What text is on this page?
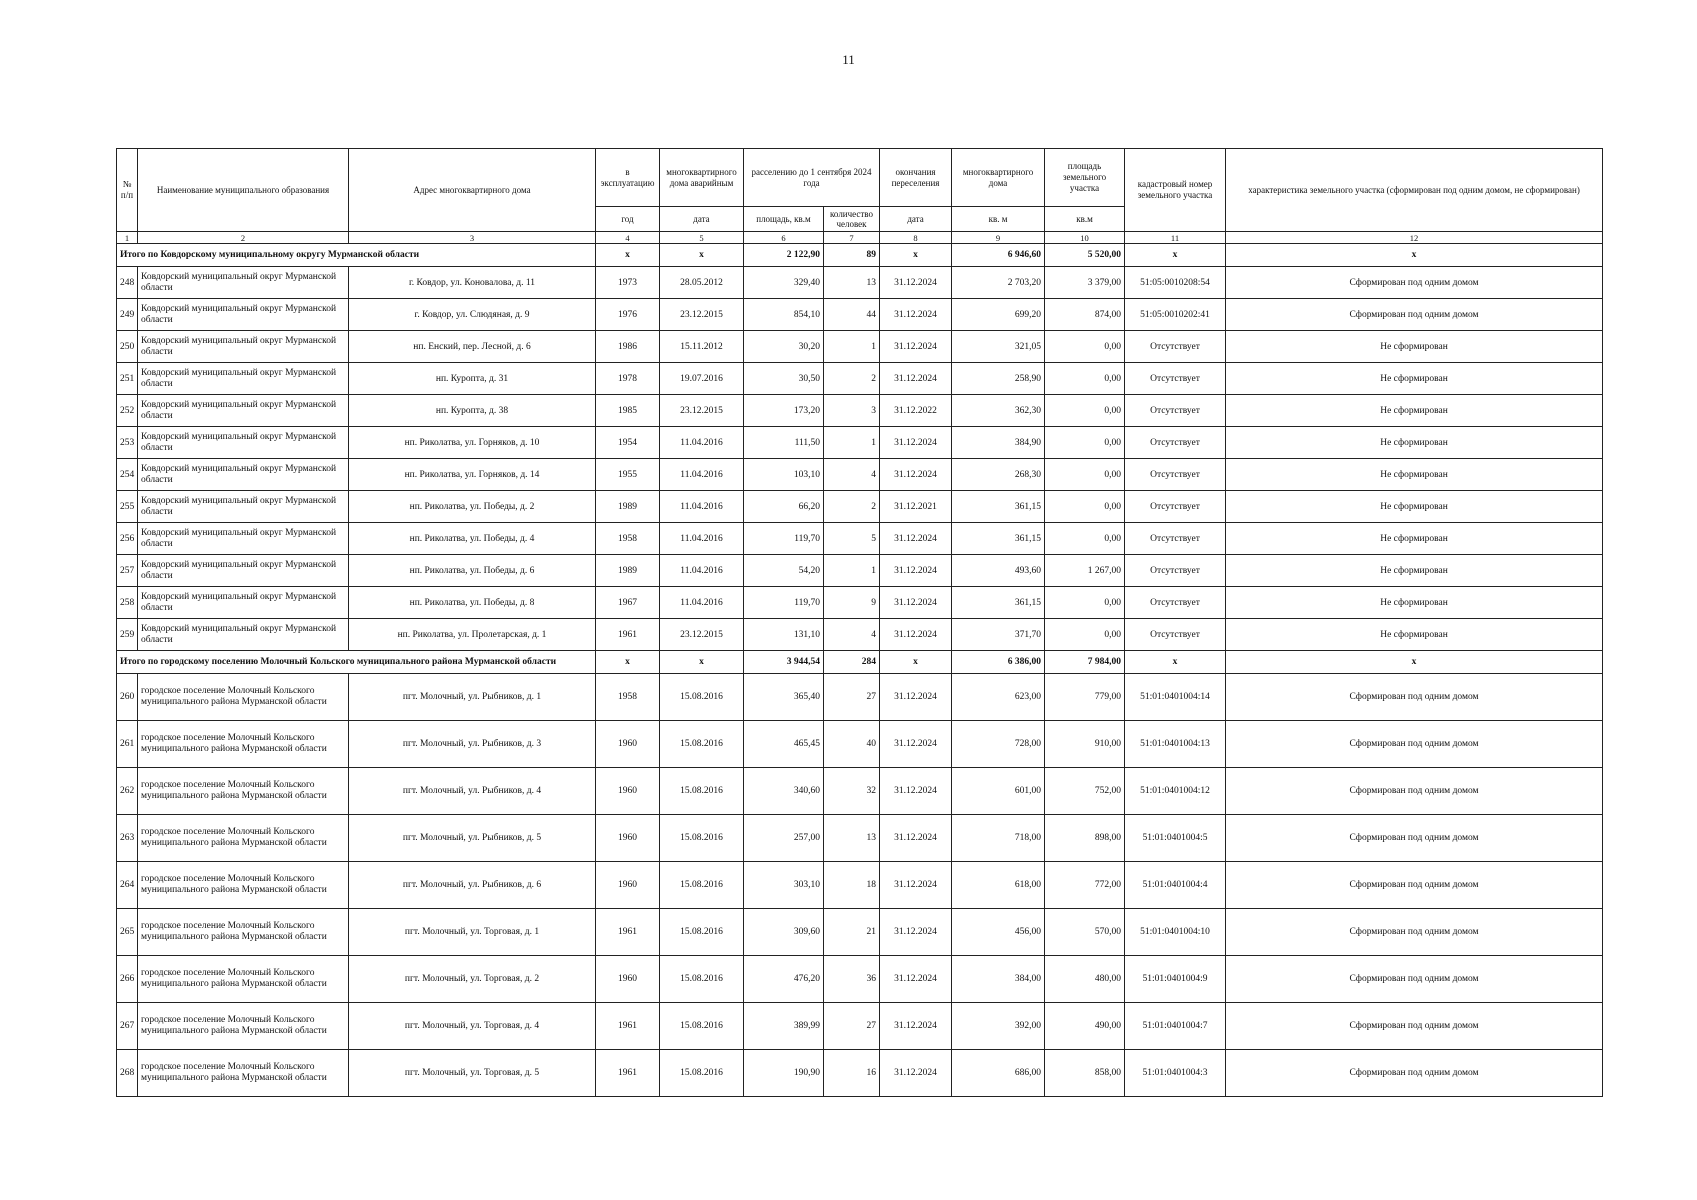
11
№ п/п	Наименование муниципального образования	Адрес многоквартирного дома	в эксплуатацию	многоквартирного дома аварийным	расселению до 1 сентября 2024 года		окончания переселения	многоквартирного дома	площадь земельного участка	кадастровый номер земельного участка	характеристика земельного участка (сформирован под одним домом, не сформирован)
			год	дата	площадь, кв.м	количество человек	дата	кв. м	кв.м		
1	2	3	4	5	6	7	8	9	10	11	12
Итого по Ковдорскому муниципальному округу Мурманской области			x	x	2 122,90	89	x	6 946,60	5 520,00	x	x
248	Ковдорский муниципальный округ Мурманской области	г. Ковдор, ул. Коновалова, д. 11	1973	28.05.2012	329,40	13	31.12.2024	2 703,20	3 379,00	51:05:0010208:54	Сформирован под одним домом
249	Ковдорский муниципальный округ Мурманской области	г. Ковдор, ул. Слюдяная, д. 9	1976	23.12.2015	854,10	44	31.12.2024	699,20	874,00	51:05:0010202:41	Сформирован под одним домом
250	Ковдорский муниципальный округ Мурманской области	нп. Енский, пер. Лесной, д. 6	1986	15.11.2012	30,20	1	31.12.2024	321,05	0,00	Отсутствует	Не сформирован
251	Ковдорский муниципальный округ Мурманской области	нп. Куропта, д. 31	1978	19.07.2016	30,50	2	31.12.2024	258,90	0,00	Отсутствует	Не сформирован
252	Ковдорский муниципальный округ Мурманской области	нп. Куропта, д. 38	1985	23.12.2015	173,20	3	31.12.2022	362,30	0,00	Отсутствует	Не сформирован
253	Ковдорский муниципальный округ Мурманской области	нп. Риколатва, ул. Горняков, д. 10	1954	11.04.2016	111,50	1	31.12.2024	384,90	0,00	Отсутствует	Не сформирован
254	Ковдорский муниципальный округ Мурманской области	нп. Риколатва, ул. Горняков, д. 14	1955	11.04.2016	103,10	4	31.12.2024	268,30	0,00	Отсутствует	Не сформирован
255	Ковдорский муниципальный округ Мурманской области	нп. Риколатва, ул. Победы, д. 2	1989	11.04.2016	66,20	2	31.12.2021	361,15	0,00	Отсутствует	Не сформирован
256	Ковдорский муниципальный округ Мурманской области	нп. Риколатва, ул. Победы, д. 4	1958	11.04.2016	119,70	5	31.12.2024	361,15	0,00	Отсутствует	Не сформирован
257	Ковдорский муниципальный округ Мурманской области	нп. Риколатва, ул. Победы, д. 6	1989	11.04.2016	54,20	1	31.12.2024	493,60	1 267,00	Отсутствует	Не сформирован
258	Ковдорский муниципальный округ Мурманской области	нп. Риколатва, ул. Победы, д. 8	1967	11.04.2016	119,70	9	31.12.2024	361,15	0,00	Отсутствует	Не сформирован
259	Ковдорский муниципальный округ Мурманской области	нп. Риколатва, ул. Пролетарская, д. 1	1961	23.12.2015	131,10	4	31.12.2024	371,70	0,00	Отсутствует	Не сформирован
Итого по городскому поселению Молочный Кольского муниципального района Мурманской области			x	x	3 944,54	284	x	6 386,00	7 984,00	x	x
260	городское поселение Молочный Кольского муниципального района Мурманской области	пгт. Молочный, ул. Рыбников, д. 1	1958	15.08.2016	365,40	27	31.12.2024	623,00	779,00	51:01:0401004:14	Сформирован под одним домом
261	городское поселение Молочный Кольского муниципального района Мурманской области	пгт. Молочный, ул. Рыбников, д. 3	1960	15.08.2016	465,45	40	31.12.2024	728,00	910,00	51:01:0401004:13	Сформирован под одним домом
262	городское поселение Молочный Кольского муниципального района Мурманской области	пгт. Молочный, ул. Рыбников, д. 4	1960	15.08.2016	340,60	32	31.12.2024	601,00	752,00	51:01:0401004:12	Сформирован под одним домом
263	городское поселение Молочный Кольского муниципального района Мурманской области	пгт. Молочный, ул. Рыбников, д. 5	1960	15.08.2016	257,00	13	31.12.2024	718,00	898,00	51:01:0401004:5	Сформирован под одним домом
264	городское поселение Молочный Кольского муниципального района Мурманской области	пгт. Молочный, ул. Рыбников, д. 6	1960	15.08.2016	303,10	18	31.12.2024	618,00	772,00	51:01:0401004:4	Сформирован под одним домом
265	городское поселение Молочный Кольского муниципального района Мурманской области	пгт. Молочный, ул. Торговая, д. 1	1961	15.08.2016	309,60	21	31.12.2024	456,00	570,00	51:01:0401004:10	Сформирован под одним домом
266	городское поселение Молочный Кольского муниципального района Мурманской области	пгт. Молочный, ул. Торговая, д. 2	1960	15.08.2016	476,20	36	31.12.2024	384,00	480,00	51:01:0401004:9	Сформирован под одним домом
267	городское поселение Молочный Кольского муниципального района Мурманской области	пгт. Молочный, ул. Торговая, д. 4	1961	15.08.2016	389,99	27	31.12.2024	392,00	490,00	51:01:0401004:7	Сформирован под одним домом
268	городское поселение Молочный Кольского муниципального района Мурманской области	пгт. Молочный, ул. Торговая, д. 5	1961	15.08.2016	190,90	16	31.12.2024	686,00	858,00	51:01:0401004:3	Сформирован под одним домом
